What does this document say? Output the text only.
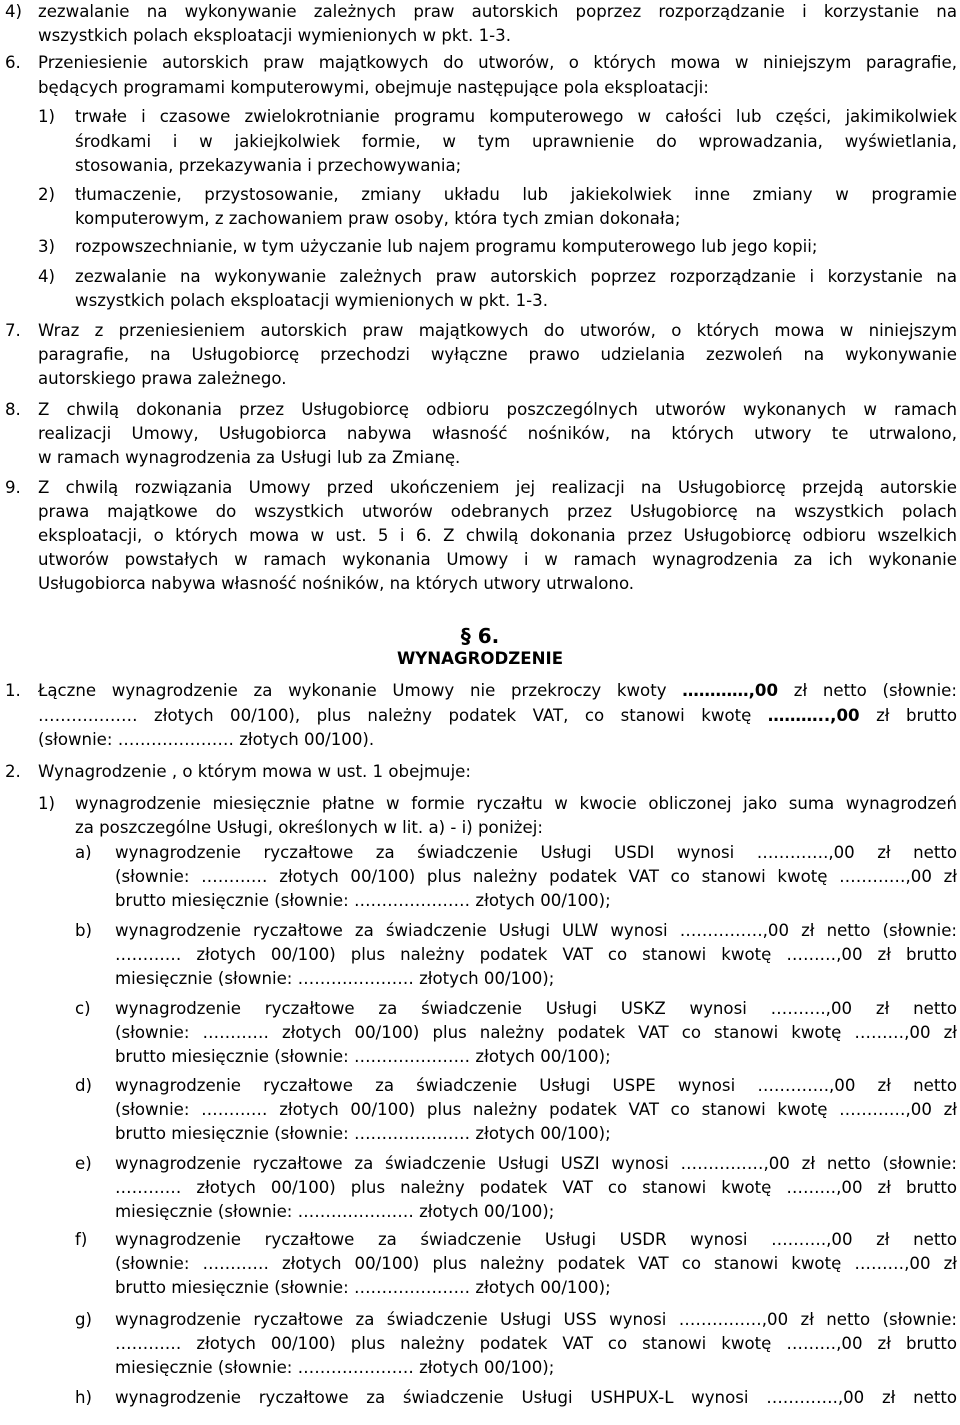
4) zezwalanie na wykonywanie zależnych praw autorskich poprzez rozporządzanie i korzystanie na
wszystkich polach eksploatacji wymienionych w pkt. 1-3.
6. Przeniesienie autorskich praw majątkowych do utworów, o których mowa w niniejszym paragrafie,
będących programami komputerowymi, obejmuje następujące pola eksploatacji:
1) trwałe i czasowe zwielokrotnianie programu komputerowego w całości lub części, jakimikolwiek
środkami i w jakiejkolwiek formie, w tym uprawnienie do wprowadzania, wyświetlania,
stosowania, przekazywania i przechowywania;
2) tłumaczenie, przystosowanie, zmiany układu lub jakiekolwiek inne zmiany w programie
komputerowym, z zachowaniem praw osoby, która tych zmian dokonała;
3) rozpowszechnianie, w tym użyczanie lub najem programu komputerowego lub jego kopii;
4) zezwalanie na wykonywanie zależnych praw autorskich poprzez rozporządzanie i korzystanie na
wszystkich polach eksploatacji wymienionych w pkt. 1-3.
7. Wraz z przeniesieniem autorskich praw majątkowych do utworów, o których mowa w niniejszym
paragrafie, na Usługobiorcę przechodzi wyłączne prawo udzielania zezwoleń na wykonywanie
autorskiego prawa zależnego.
8. Z chwilą dokonania przez Usługobiorcę odbioru poszczególnych utworów wykonanych w ramach
realizacji Umowy, Usługobiorca nabywa własność nośników, na których utwory te utrwalono,
w ramach wynagrodzenia za Usługi lub za Zmianę.
9. Z chwilą rozwiązania Umowy przed ukończeniem jej realizacji na Usługobiorcę przejdą autorskie
prawa majątkowe do wszystkich utworów odebranych przez Usługobiorcę na wszystkich polach
eksploatacji, o których mowa w ust. 5 i 6. Z chwilą dokonania przez Usługobiorcę odbioru wszelkich
utworów powstałych w ramach wykonania Umowy i w ramach wynagrodzenia za ich wykonanie
Usługobiorca nabywa własność nośników, na których utwory utrwalono.
§ 6.
WYNAGRODZENIE
1. Łączne wynagrodzenie za wykonanie Umowy nie przekroczy kwoty …………,00 zł netto (słownie:
……………… złotych 00/100), plus należny podatek VAT, co stanowi kwotę ………..,00 zł brutto
(słownie: ………………… złotych 00/100).
2. Wynagrodzenie , o którym mowa w ust. 1 obejmuje:
1) wynagrodzenie miesięcznie płatne w formie ryczałtu w kwocie obliczonej jako suma wynagrodzeń
za poszczególne Usługi, określonych w lit. a) - i) poniżej:
a) wynagrodzenie ryczałtowe za świadczenie Usługi USDI wynosi ………….,00 zł netto
(słownie: ………… złotych 00/100) plus należny podatek VAT co stanowi kwotę …………,00 zł
brutto miesięcznie (słownie: ………………… złotych 00/100);
b) wynagrodzenie ryczałtowe za świadczenie Usługi ULW wynosi ……………,00 zł netto (słownie:
………… złotych 00/100) plus należny podatek VAT co stanowi kwotę ………,00 zł brutto
miesięcznie (słownie: ………………… złotych 00/100);
c) wynagrodzenie ryczałtowe za świadczenie Usługi USKZ wynosi ……….,00 zł netto
(słownie: ………… złotych 00/100) plus należny podatek VAT co stanowi kwotę ………,00 zł
brutto miesięcznie (słownie: ………………… złotych 00/100);
d) wynagrodzenie ryczałtowe za świadczenie Usługi USPE wynosi ………….,00 zł netto
(słownie: ………… złotych 00/100) plus należny podatek VAT co stanowi kwotę …………,00 zł
brutto miesięcznie (słownie: ………………… złotych 00/100);
e) wynagrodzenie ryczałtowe za świadczenie Usługi USZI wynosi ……………,00 zł netto (słownie:
………… złotych 00/100) plus należny podatek VAT co stanowi kwotę ………,00 zł brutto
miesięcznie (słownie: ………………… złotych 00/100);
f) wynagrodzenie ryczałtowe za świadczenie Usługi USDR wynosi ……….,00 zł netto
(słownie: ………… złotych 00/100) plus należny podatek VAT co stanowi kwotę ………,00 zł
brutto miesięcznie (słownie: ………………… złotych 00/100);
g) wynagrodzenie ryczałtowe za świadczenie Usługi USS wynosi ……………,00 zł netto (słownie:
………… złotych 00/100) plus należny podatek VAT co stanowi kwotę ………,00 zł brutto
miesięcznie (słownie: ………………… złotych 00/100);
h) wynagrodzenie ryczałtowe za świadczenie Usługi USHPUX-L wynosi ………….,00 zł netto
